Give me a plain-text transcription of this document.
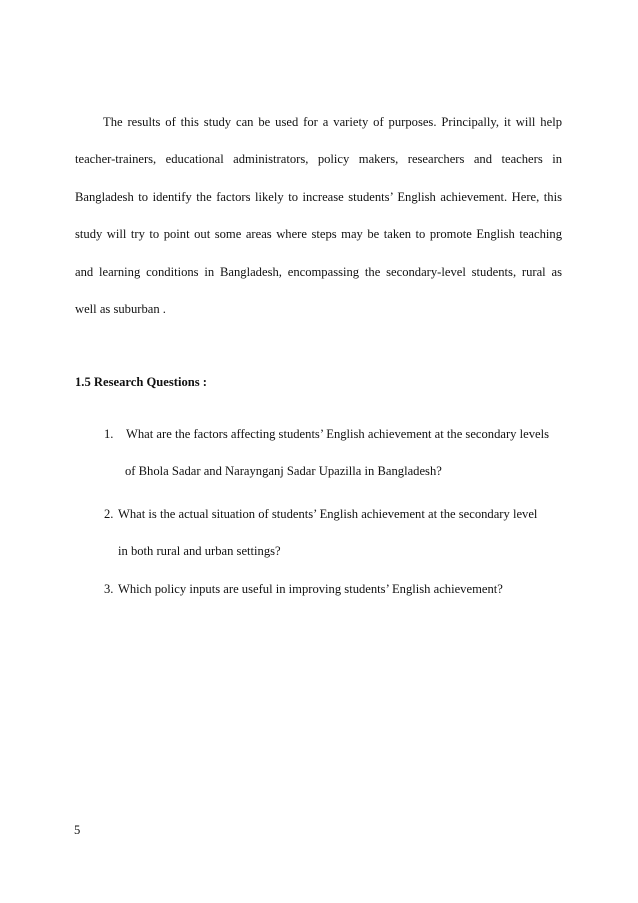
The results of this study can be used for a variety of purposes. Principally, it will help
teacher-trainers, educational administrators, policy makers, researchers and teachers in
Bangladesh to identify the factors likely to increase students’ English achievement. Here, this
study will try to point out some areas where steps may be taken to promote English teaching
and learning conditions in Bangladesh, encompassing the secondary-level students, rural as
well as suburban .
1.5 Research Questions :
1. What are the factors affecting students’ English achievement at the secondary levels
of Bhola Sadar and Naraynganj Sadar Upazilla in Bangladesh?
2. What is the actual situation of students’ English achievement at the secondary level
in both rural and urban settings?
3. Which policy inputs are useful in improving students’ English achievement?
5
